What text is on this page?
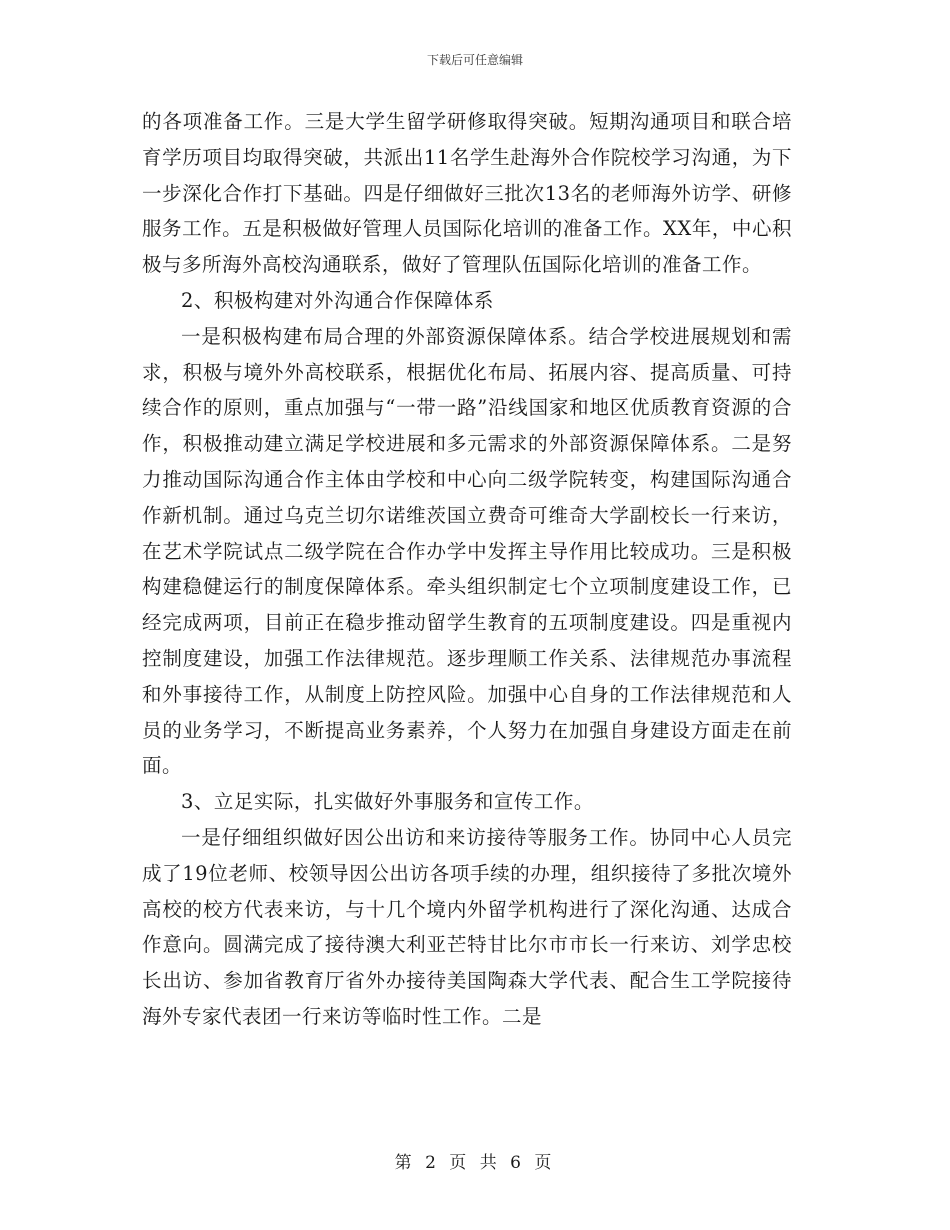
下载后可任意编辑

的各项准备工作。三是大学生留学研修取得突破。短期沟通项目和联合培育学历项目均取得突破，共派出11名学生赴海外合作院校学习沟通，为下一步深化合作打下基础。四是仔细做好三批次13名的老师海外访学、研修服务工作。五是积极做好管理人员国际化培训的准备工作。XX年，中心积极与多所海外高校沟通联系，做好了管理队伍国际化培训的准备工作。

2、积极构建对外沟通合作保障体系

一是积极构建布局合理的外部资源保障体系。结合学校进展规划和需求，积极与境外外高校联系，根据优化布局、拓展内容、提高质量、可持续合作的原则，重点加强与“一带一路”沿线国家和地区优质教育资源的合作，积极推动建立满足学校进展和多元需求的外部资源保障体系。二是努力推动国际沟通合作主体由学校和中心向二级学院转变，构建国际沟通合作新机制。通过乌克兰切尔诺维茨国立费奇可维奇大学副校长一行来访，在艺术学院试点二级学院在合作办学中发挥主导作用比较成功。三是积极构建稳健运行的制度保障体系。牵头组织制定七个立项制度建设工作，已经完成两项，目前正在稳步推动留学生教育的五项制度建设。四是重视内控制度建设，加强工作法律规范。逐步理顺工作关系、法律规范办事流程和外事接待工作，从制度上防控风险。加强中心自身的工作法律规范和人员的业务学习，不断提高业务素养，个人努力在加强自身建设方面走在前面。

3、立足实际，扎实做好外事服务和宣传工作。

一是仔细组织做好因公出访和来访接待等服务工作。协同中心人员完成了19位老师、校领导因公出访各项手续的办理，组织接待了多批次境外高校的校方代表来访，与十几个境内外留学机构进行了深化沟通、达成合作意向。圆满完成了接待澳大利亚芒特甘比尔市市长一行来访、刘学忠校长出访、参加省教育厅省外办接待美国陶森大学代表、配合生工学院接待海外专家代表团一行来访等临时性工作。二是

第 2 页 共 6 页
